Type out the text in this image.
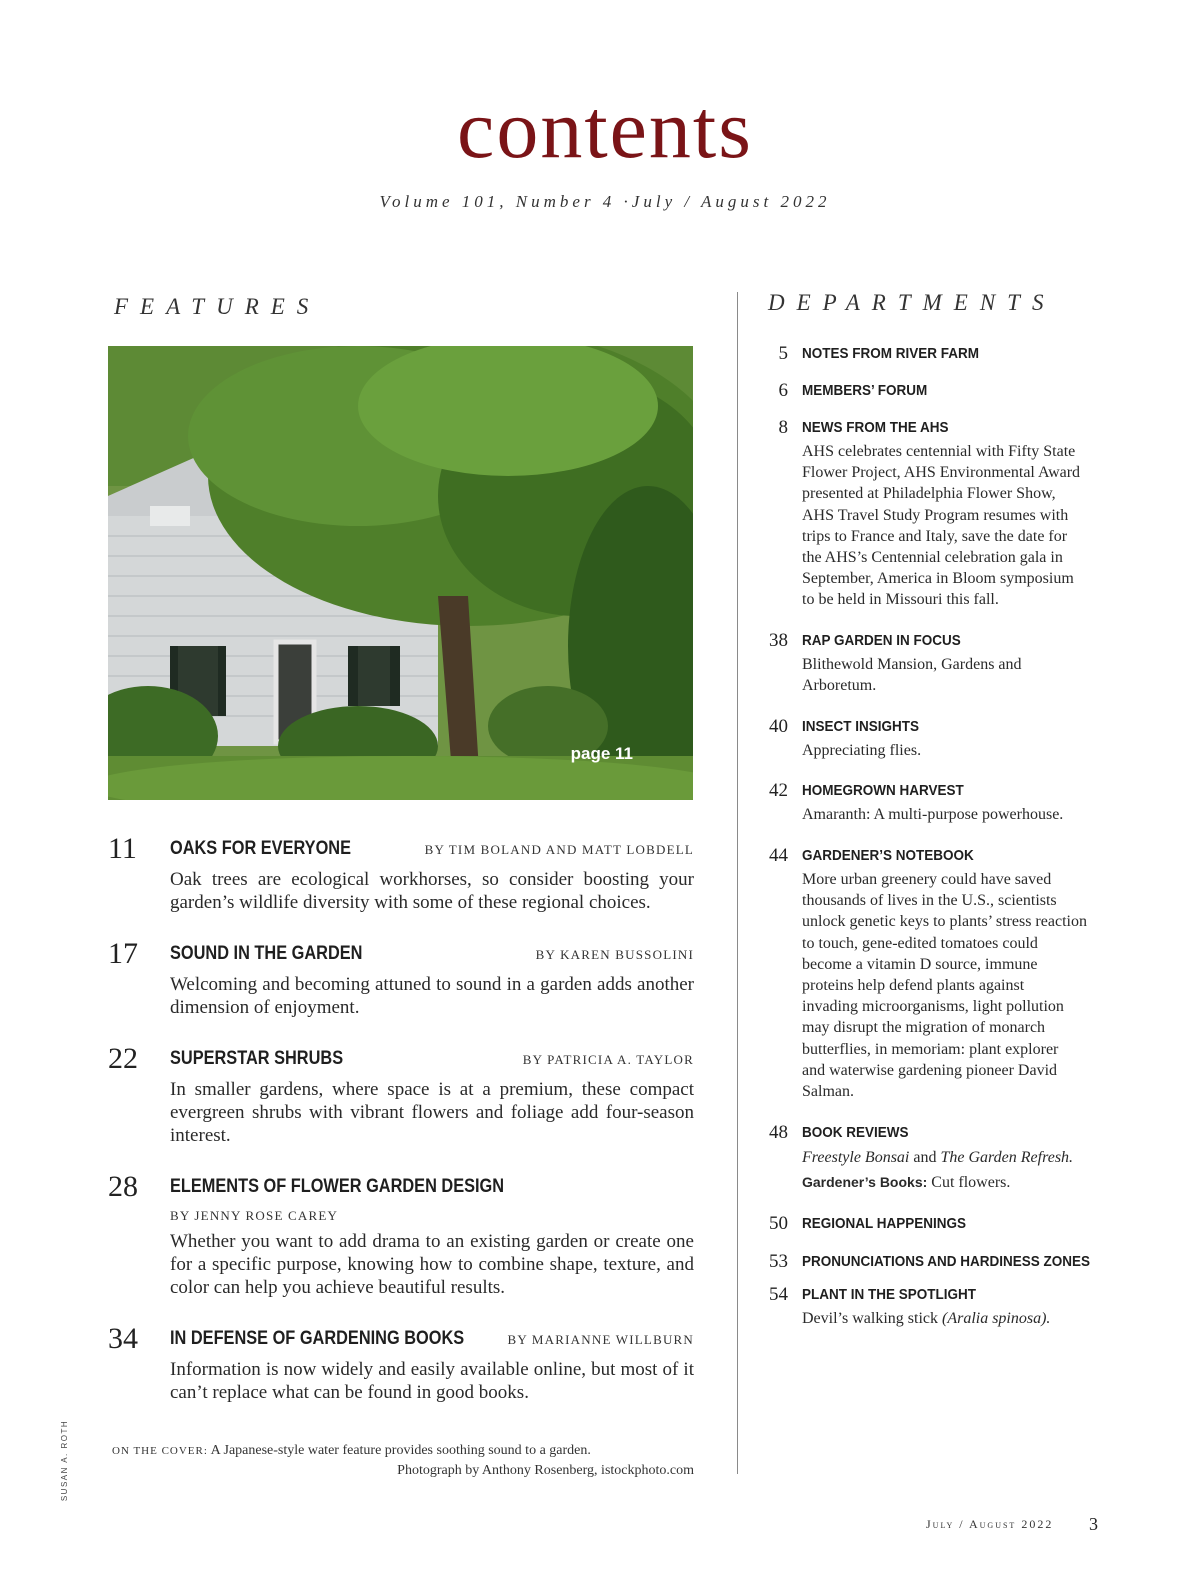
contents
Volume 101, Number 4 ·July / August 2022
FEATURES
page 11
11 OAKS FOR EVERYONE	BY TIM BOLAND AND MATT LOBDELL
Oak trees are ecological workhorses, so consider boosting your garden’s wildlife diversity with some of these regional choices.
17 SOUND IN THE GARDEN	BY KAREN BUSSOLINI
Welcoming and becoming attuned to sound in a garden adds another dimension of enjoyment.
22 SUPERSTAR SHRUBS	BY PATRICIA A. TAYLOR
In smaller gardens, where space is at a premium, these compact evergreen shrubs with vibrant flowers and foliage add four-season interest.
28 ELEMENTS OF FLOWER GARDEN DESIGN
BY JENNY ROSE CAREY
Whether you want to add drama to an existing garden or create one for a specific purpose, knowing how to combine shape, texture, and color can help you achieve beautiful results.
34 IN DEFENSE OF GARDENING BOOKS	BY MARIANNE WILLBURN
Information is now widely and easily available online, but most of it can’t replace what can be found in good books.
ON THE COVER: A Japanese-style water feature provides soothing sound to a garden.
Photograph by Anthony Rosenberg, istockphoto.com
SUSAN A. ROTH
DEPARTMENTS
5 NOTES FROM RIVER FARM
6 MEMBERS’ FORUM
8 NEWS FROM THE AHS
AHS celebrates centennial with Fifty State
Flower Project, AHS Environmental Award
presented at Philadelphia Flower Show,
AHS Travel Study Program resumes with
trips to France and Italy, save the date for
the AHS’s Centennial celebration gala in
September, America in Bloom symposium
to be held in Missouri this fall.
38 RAP GARDEN IN FOCUS
Blithewold Mansion, Gardens and
Arboretum.
40 INSECT INSIGHTS
Appreciating flies.
42 HOMEGROWN HARVEST
Amaranth: A multi-purpose powerhouse.
44 GARDENER’S NOTEBOOK
More urban greenery could have saved
thousands of lives in the U.S., scientists
unlock genetic keys to plants’ stress reaction
to touch, gene-edited tomatoes could
become a vitamin D source, immune
proteins help defend plants against
invading microorganisms, light pollution
may disrupt the migration of monarch
butterflies, in memoriam: plant explorer
and waterwise gardening pioneer David
Salman.
48 BOOK REVIEWS
Freestyle Bonsai and The Garden Refresh.
Gardener’s Books: Cut flowers.
50 REGIONAL HAPPENINGS
53 PRONUNCIATIONS AND HARDINESS ZONES
54 PLANT IN THE SPOTLIGHT
Devil’s walking stick (Aralia spinosa).
July / August 2022 3
